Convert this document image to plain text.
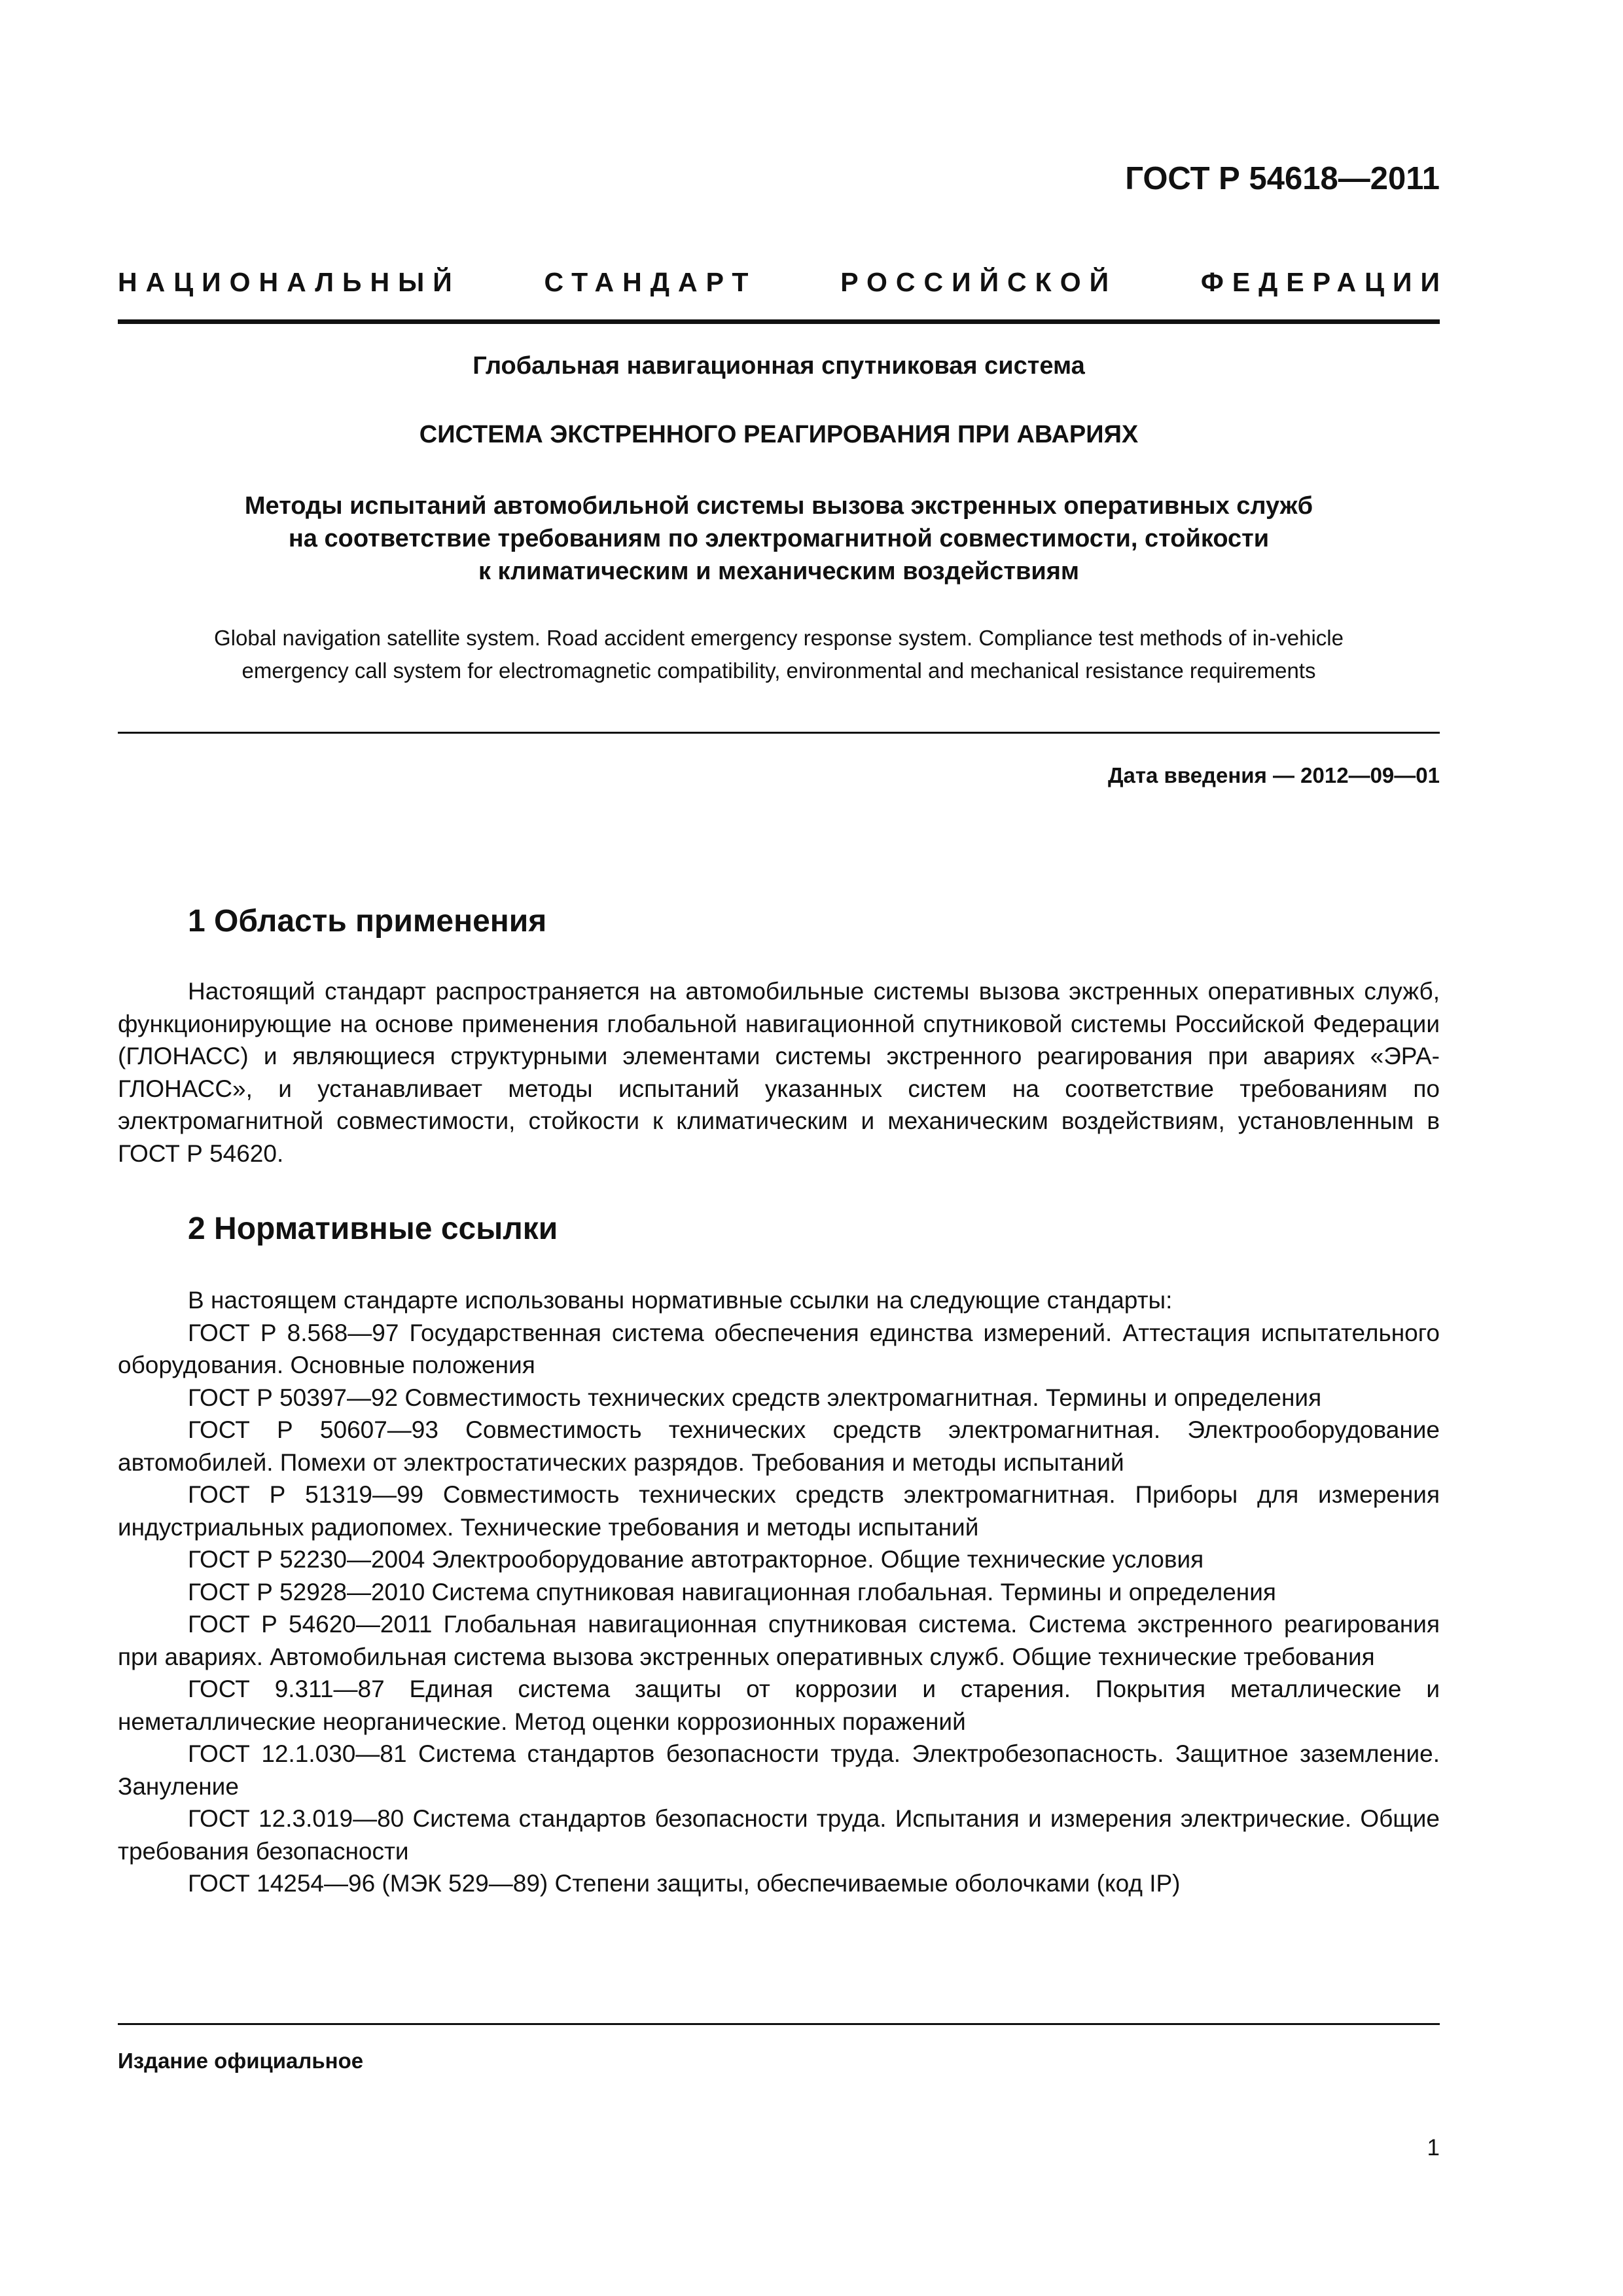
ГОСТ Р 54618—2011
НАЦИОНАЛЬНЫЙ	СТАНДАРТ	РОССИЙСКОЙ	ФЕДЕРАЦИИ
Глобальная навигационная спутниковая система
СИСТЕМА ЭКСТРЕННОГО РЕАГИРОВАНИЯ ПРИ АВАРИЯХ
Методы испытаний автомобильной системы вызова экстренных оперативных служб
на соответствие требованиям по электромагнитной совместимости, стойкости
к климатическим и механическим воздействиям
Global navigation satellite system. Road accident emergency response system. Compliance test methods of in-vehicle
emergency call system for electromagnetic compatibility, environmental and mechanical resistance requirements
Дата введения — 2012—09—01
1 Область применения
Настоящий стандарт распространяется на автомобильные системы вызова экстренных оперативных служб, функционирующие на основе применения глобальной навигационной спутниковой системы Российской Федерации (ГЛОНАСС) и являющиеся структурными элементами системы экстренного реагирования при авариях «ЭРА-ГЛОНАСС», и устанавливает методы испытаний указанных систем на соответствие требованиям по электромагнитной совместимости, стойкости к климатическим и механическим воздействиям, установленным в ГОСТ Р 54620.
2 Нормативные ссылки
В настоящем стандарте использованы нормативные ссылки на следующие стандарты:
ГОСТ Р 8.568—97 Государственная система обеспечения единства измерений. Аттестация испытательного оборудования. Основные положения
ГОСТ Р 50397—92 Совместимость технических средств электромагнитная. Термины и определения
ГОСТ Р 50607—93 Совместимость технических средств электромагнитная. Электрооборудование автомобилей. Помехи от электростатических разрядов. Требования и методы испытаний
ГОСТ Р 51319—99 Совместимость технических средств электромагнитная. Приборы для измерения индустриальных радиопомех. Технические требования и методы испытаний
ГОСТ Р 52230—2004 Электрооборудование автотракторное. Общие технические условия
ГОСТ Р 52928—2010 Система спутниковая навигационная глобальная. Термины и определения
ГОСТ Р 54620—2011 Глобальная навигационная спутниковая система. Система экстренного реагирования при авариях. Автомобильная система вызова экстренных оперативных служб. Общие технические требования
ГОСТ 9.311—87 Единая система защиты от коррозии и старения. Покрытия металлические и неметаллические неорганические. Метод оценки коррозионных поражений
ГОСТ 12.1.030—81 Система стандартов безопасности труда. Электробезопасность. Защитное заземление. Зануление
ГОСТ 12.3.019—80 Система стандартов безопасности труда. Испытания и измерения электрические. Общие требования безопасности
ГОСТ 14254—96 (МЭК 529—89) Степени защиты, обеспечиваемые оболочками (код IP)
Издание официальное
1
